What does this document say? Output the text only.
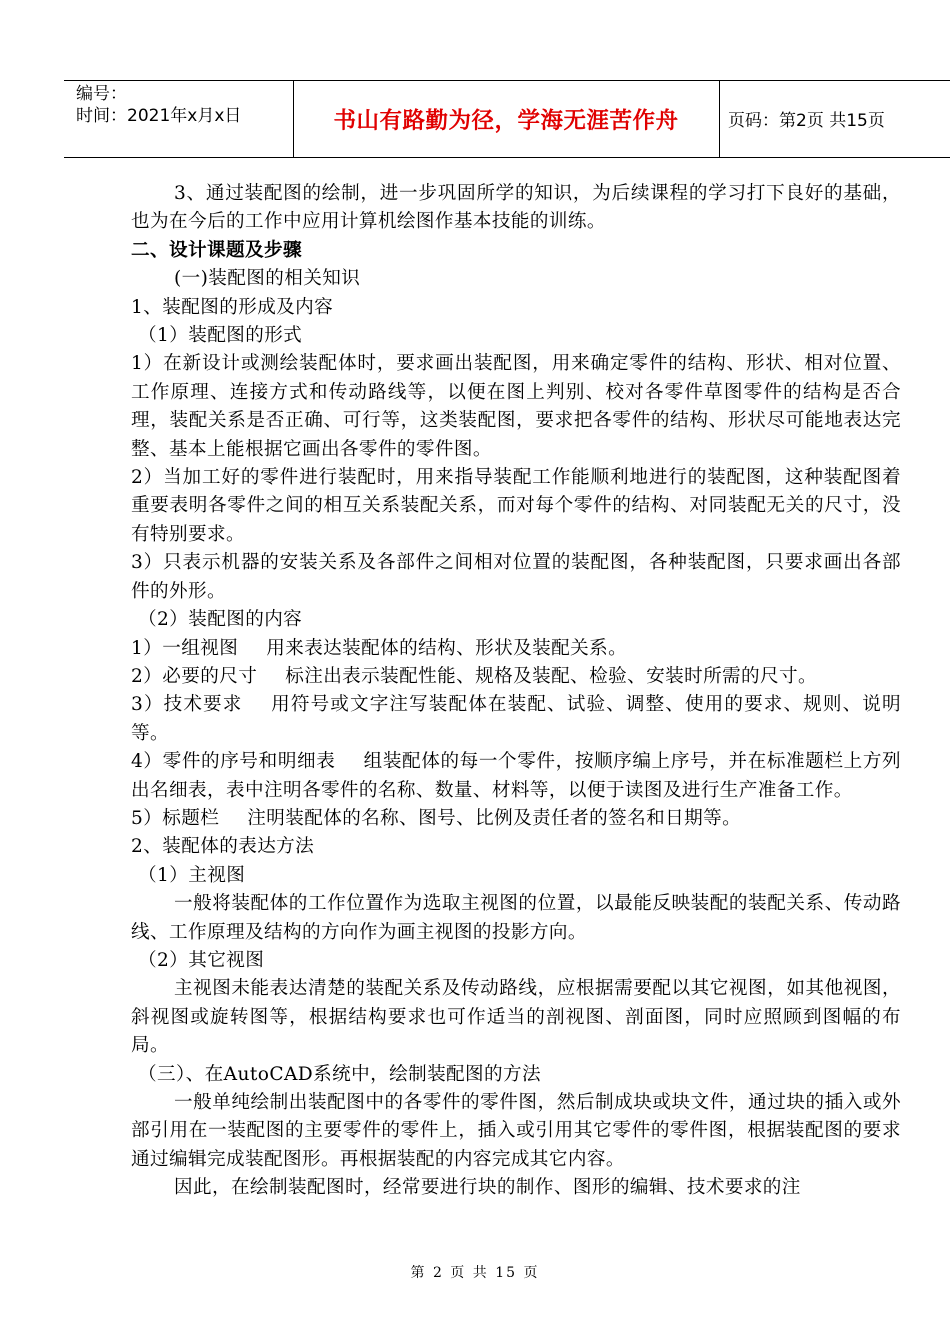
编号：
时间：2021年x月x日	书山有路勤为径，学海无涯苦作舟	页码：第2页 共15页

3、通过装配图的绘制，进一步巩固所学的知识，为后续课程的学习打下良好的基础，也为在今后的工作中应用计算机绘图作基本技能的训练。

二、设计课题及步骤

(一)装配图的相关知识

1、装配图的形成及内容

（1）装配图的形式

1）在新设计或测绘装配体时，要求画出装配图，用来确定零件的结构、形状、相对位置、工作原理、连接方式和传动路线等，以便在图上判别、校对各零件草图零件的结构是否合理，装配关系是否正确、可行等，这类装配图，要求把各零件的结构、形状尽可能地表达完整、基本上能根据它画出各零件的零件图。

2）当加工好的零件进行装配时，用来指导装配工作能顺利地进行的装配图，这种装配图着重要表明各零件之间的相互关系装配关系，而对每个零件的结构、对同装配无关的尺寸，没有特别要求。

3）只表示机器的安装关系及各部件之间相对位置的装配图，各种装配图，只要求画出各部件的外形。

（2）装配图的内容

1）一组视图 用来表达装配体的结构、形状及装配关系。

2）必要的尺寸 标注出表示装配性能、规格及装配、检验、安装时所需的尺寸。

3）技术要求 用符号或文字注写装配体在装配、试验、调整、使用的要求、规则、说明等。

4）零件的序号和明细表 组装配体的每一个零件，按顺序编上序号，并在标准题栏上方列出名细表，表中注明各零件的名称、数量、材料等，以便于读图及进行生产准备工作。

5）标题栏 注明装配体的名称、图号、比例及责任者的签名和日期等。

2、装配体的表达方法

（1）主视图

一般将装配体的工作位置作为选取主视图的位置，以最能反映装配的装配关系、传动路线、工作原理及结构的方向作为画主视图的投影方向。

（2）其它视图

主视图未能表达清楚的装配关系及传动路线，应根据需要配以其它视图，如其他视图，斜视图或旋转图等，根据结构要求也可作适当的剖视图、剖面图，同时应照顾到图幅的布局。

（三）、在AutoCAD系统中，绘制装配图的方法

一般单纯绘制出装配图中的各零件的零件图，然后制成块或块文件，通过块的插入或外部引用在一装配图的主要零件的零件上，插入或引用其它零件的零件图，根据装配图的要求通过编辑完成装配图形。再根据装配的内容完成其它内容。

因此，在绘制装配图时，经常要进行块的制作、图形的编辑、技术要求的注

第 2 页 共 15 页
